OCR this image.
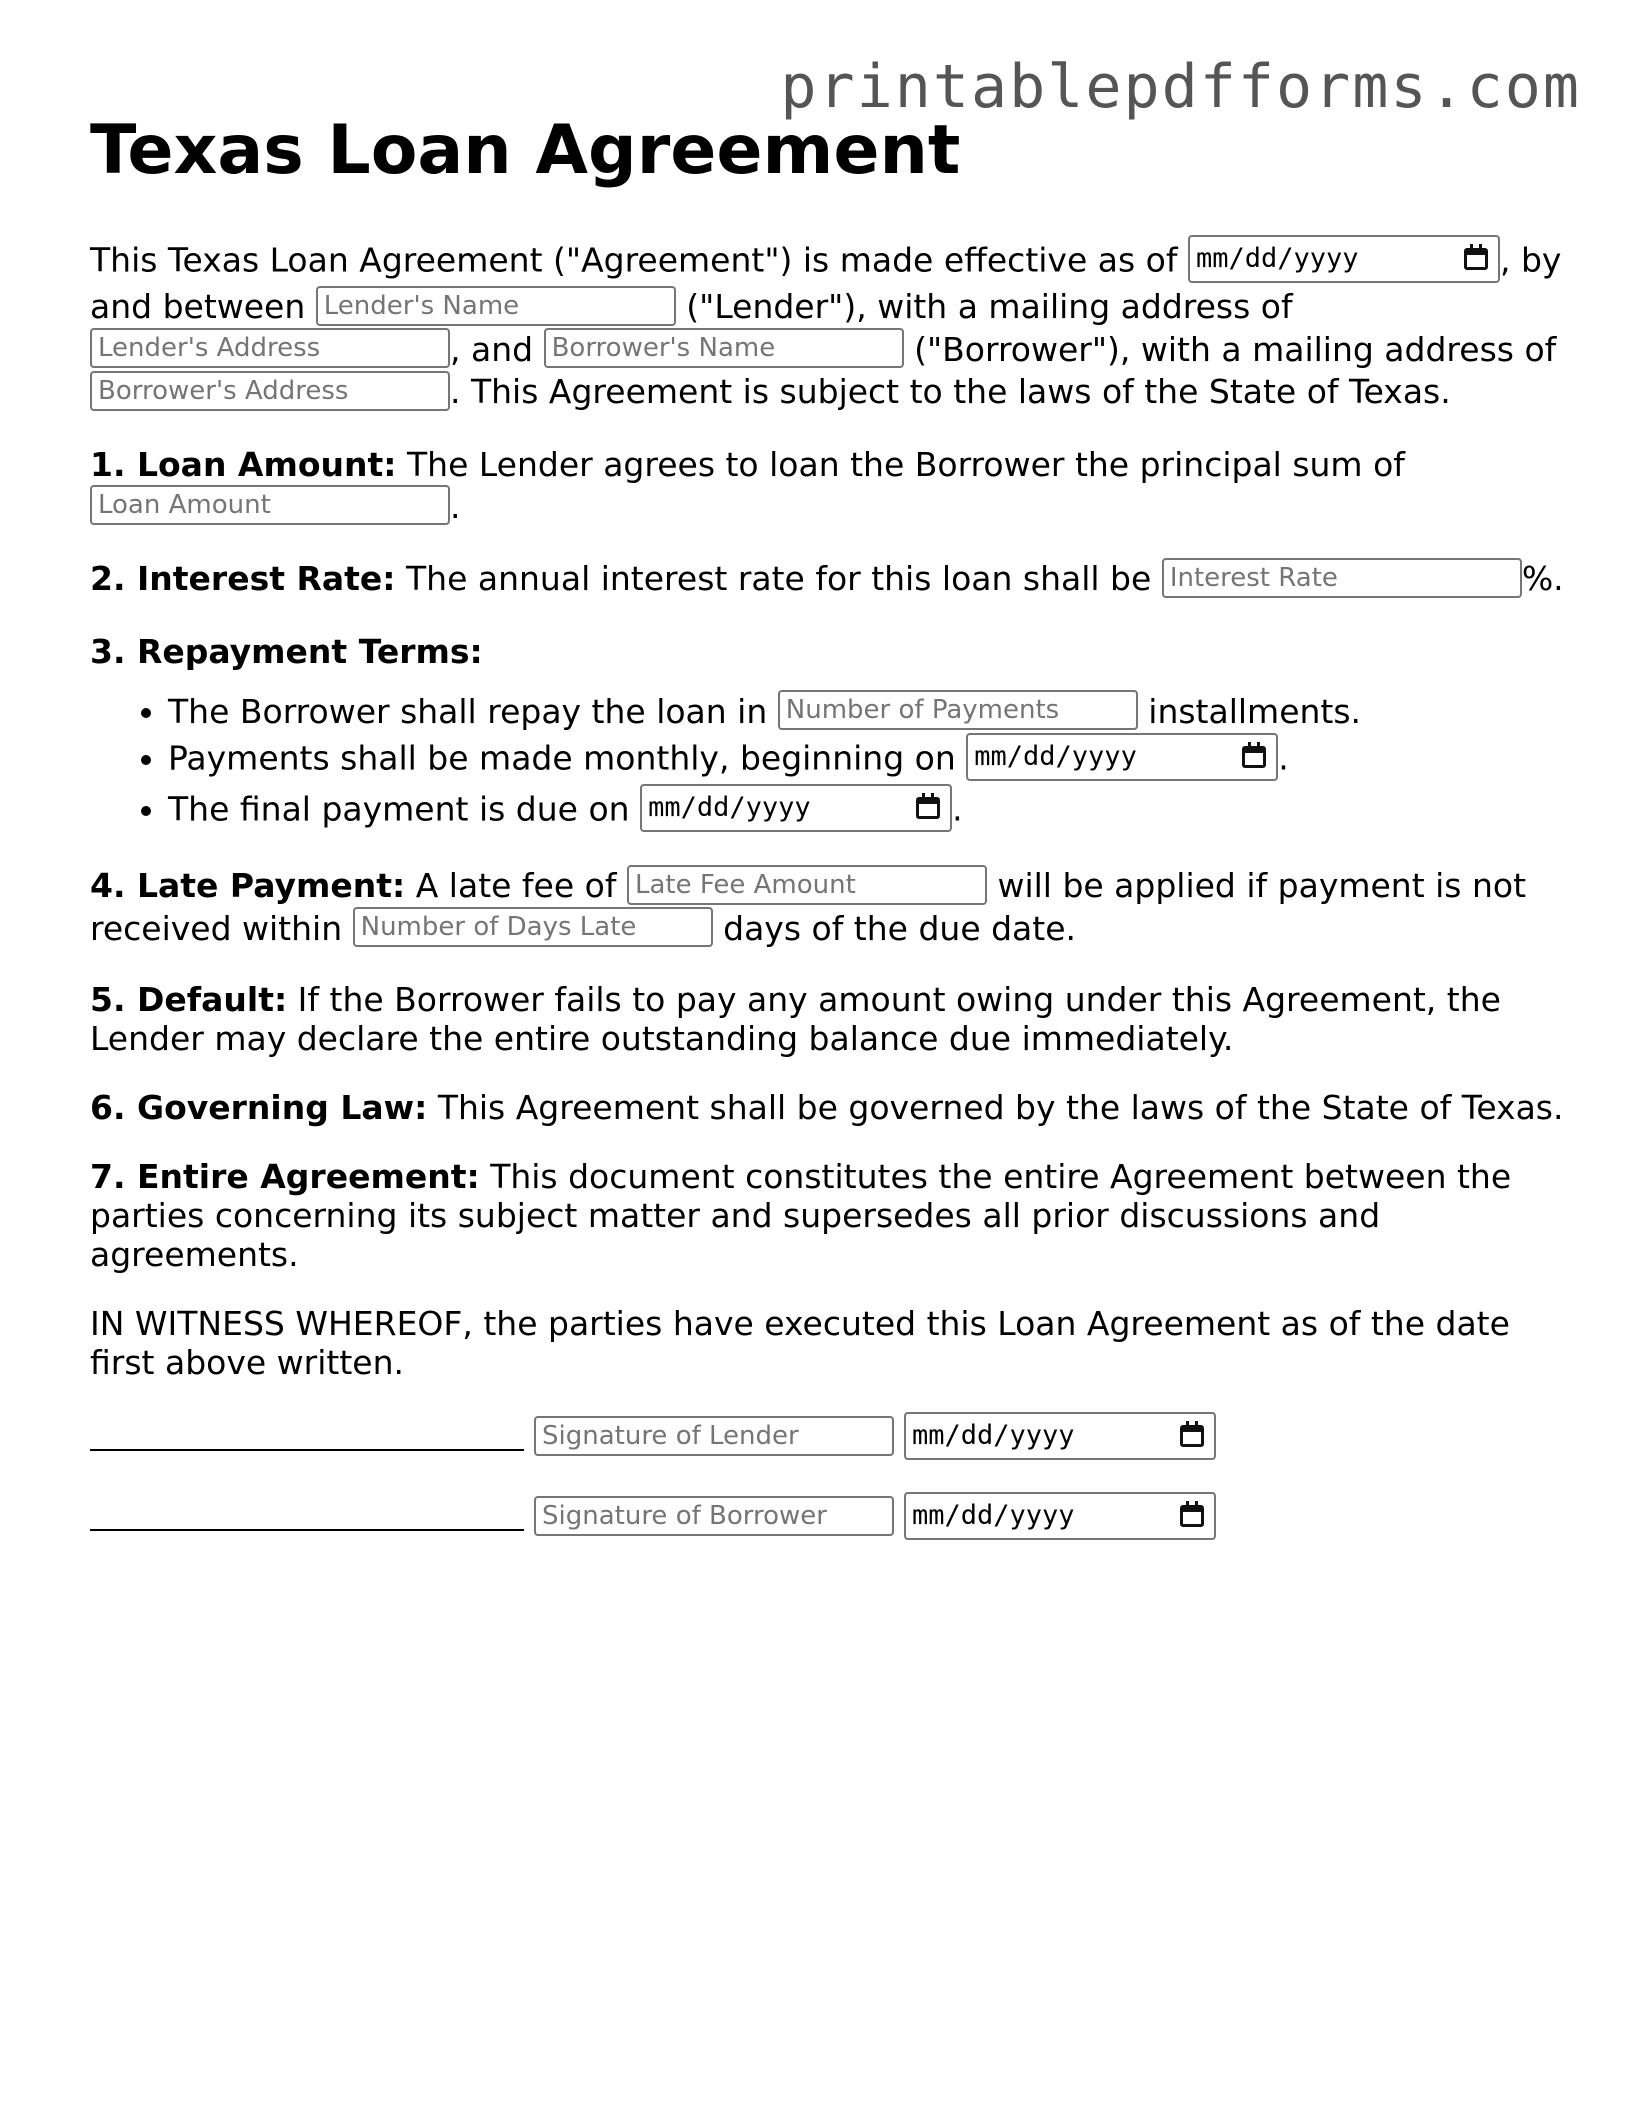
printablepdfforms.com
Texas Loan Agreement

This Texas Loan Agreement ("Agreement") is made effective as of mm/dd/yyyy	, by and between Lender's Name	("Lender"), with a mailing address of Lender's Address	, and Borrower's Name	("Borrower"), with a mailing address of Borrower's Address	. This Agreement is subject to the laws of the State of Texas.

1. Loan Amount: The Lender agrees to loan the Borrower the principal sum of Loan Amount	.

2. Interest Rate: The annual interest rate for this loan shall be Interest Rate	%.

3. Repayment Terms:

• The Borrower shall repay the loan in Number of Payments	installments.
• Payments shall be made monthly, beginning on mm/dd/yyyy	.
• The final payment is due on mm/dd/yyyy	.

4. Late Payment: A late fee of Late Fee Amount	will be applied if payment is not received within Number of Days Late	days of the due date.

5. Default: If the Borrower fails to pay any amount owing under this Agreement, the Lender may declare the entire outstanding balance due immediately.

6. Governing Law: This Agreement shall be governed by the laws of the State of Texas.

7. Entire Agreement: This document constitutes the entire Agreement between the parties concerning its subject matter and supersedes all prior discussions and agreements.

IN WITNESS WHEREOF, the parties have executed this Loan Agreement as of the date first above written.

Signature of Lender	mm/dd/yyyy
Signature of Borrower	mm/dd/yyyy
